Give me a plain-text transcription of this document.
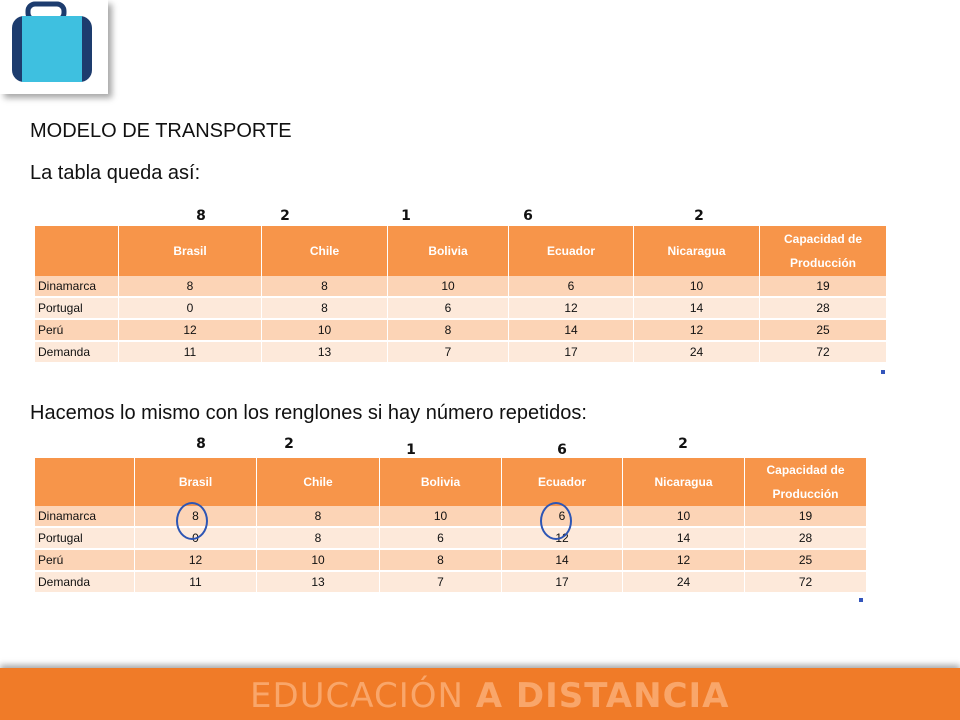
MODELO DE TRANSPORTE

La tabla queda así:

8	2	1	6	2
	Brasil	Chile	Bolivia	Ecuador	Nicaragua	Capacidad de Producción
Dinamarca	8	8	10	6	10	19
Portugal	0	8	6	12	14	28
Perú	12	10	8	14	12	25
Demanda	11	13	7	17	24	72

Hacemos lo mismo con los renglones si hay número repetidos:

8	2	1	6	2
	Brasil	Chile	Bolivia	Ecuador	Nicaragua	Capacidad de Producción
Dinamarca	8	8	10	6	10	19
Portugal	0	8	6	12	14	28
Perú	12	10	8	14	12	25
Demanda	11	13	7	17	24	72

EDUCACIÓN A DISTANCIA
